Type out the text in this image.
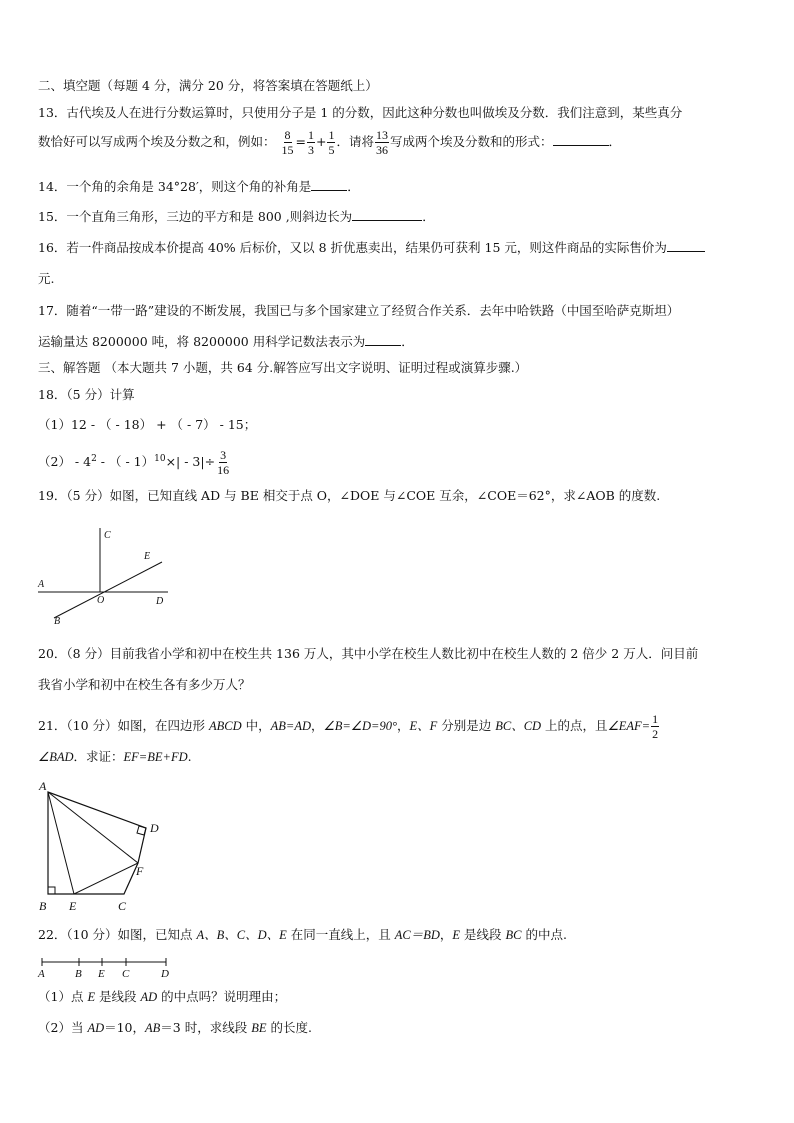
二、填空题（每题 4 分，满分 20 分，将答案填在答题纸上）
13．古代埃及人在进行分数运算时，只使用分子是 1 的分数，因此这种分数也叫做埃及分数．我们注意到，某些真分
数恰好可以写成两个埃及分数之和，例如： $\frac{8}{15} = \frac{1}{3} + \frac{1}{5}$ ．请将 $\frac{13}{36}$ 写成两个埃及分数和的形式：	．
14．一个角的余角是 34°28′，则这个角的补角是	．
15．一个直角三角形，三边的平方和是 800 ,则斜边长为	．
16．若一件商品按成本价提高 40% 后标价，又以 8 折优惠卖出，结果仍可获利 15 元，则这件商品的实际售价为
元.
17．随着“一带一路”建设的不断发展，我国已与多个国家建立了经贸合作关系．去年中哈铁路（中国至哈萨克斯坦）
运输量达 8200000 吨，将 8200000 用科学记数法表示为	．
三、解答题 （本大题共 7 小题，共 64 分.解答应写出文字说明、证明过程或演算步骤.）
18．（5 分）计算
（1）12 - （ - 18） + （ - 7） - 15；
$(2) - 4^2$ - （ - $1)^{10}\times| - 3|\div \frac{3}{16}$
19．（5 分）如图，已知直线 AD 与 BE 相交于点 O，∠DOE 与∠COE 互余，∠COE＝62°，求∠AOB 的度数.
C
E
A
O	D
B
20．（8 分）目前我省小学和初中在校生共 136 万人，其中小学在校生人数比初中在校生人数的 2 倍少 2 万人．问目前
我省小学和初中在校生各有多少万人？
21．（10 分）如图，在四边形 ABCD 中，AB=AD，∠B=∠D=90°，E、F 分别是边 BC、CD 上的点，且∠EAF= $\frac{1}{2}$
∠BAD．求证：EF=BE+FD.
A
D
F
B E	C
22．（10 分）如图，已知点 A、B、C、D、E 在同一直线上，且 AC＝BD，E 是线段 BC 的中点.
A	B E C	D
（1）点 E 是线段 AD 的中点吗？说明理由；
（2）当 AD＝10，AB＝3 时，求线段 BE 的长度.
